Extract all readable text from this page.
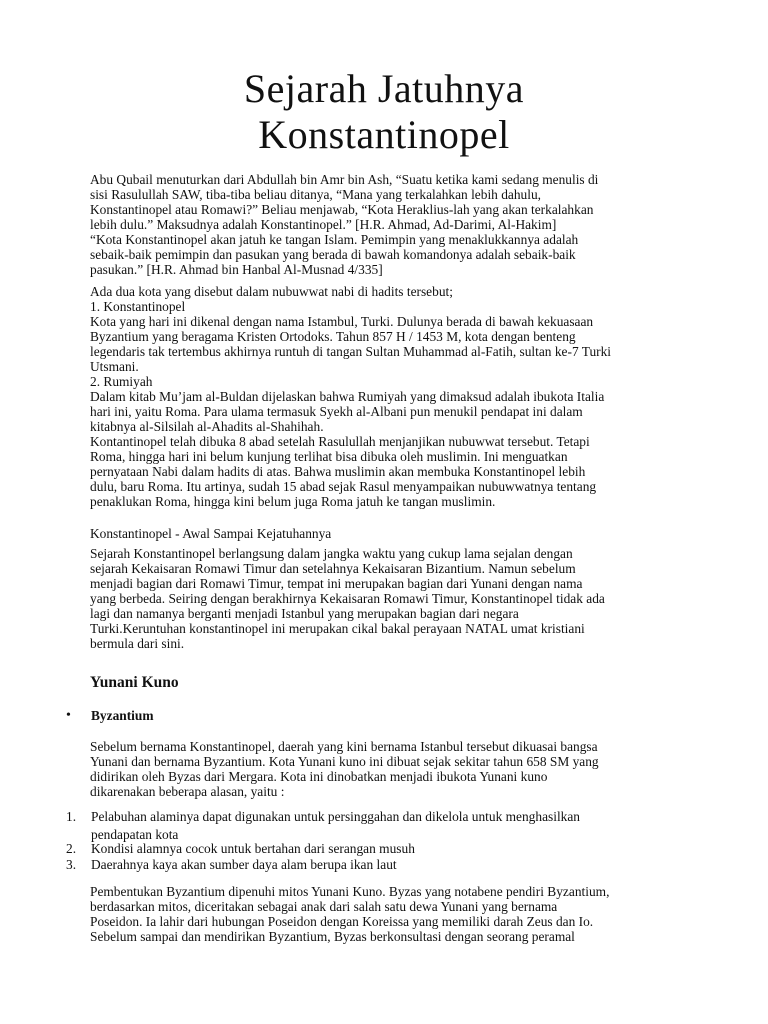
Sejarah Jatuhnya
Konstantinopel
Abu Qubail menuturkan dari Abdullah bin Amr bin Ash, “Suatu ketika kami sedang menulis di
sisi Rasulullah SAW, tiba-tiba beliau ditanya, “Mana yang terkalahkan lebih dahulu,
Konstantinopel atau Romawi?” Beliau menjawab, “Kota Heraklius-lah yang akan terkalahkan
lebih dulu.” Maksudnya adalah Konstantinopel.” [H.R. Ahmad, Ad-Darimi, Al-Hakim]
“Kota Konstantinopel akan jatuh ke tangan Islam. Pemimpin yang menaklukkannya adalah
sebaik-baik pemimpin dan pasukan yang berada di bawah komandonya adalah sebaik-baik
pasukan.” [H.R. Ahmad bin Hanbal Al-Musnad 4/335]
Ada dua kota yang disebut dalam nubuwwat nabi di hadits tersebut;
1. Konstantinopel
Kota yang hari ini dikenal dengan nama Istambul, Turki. Dulunya berada di bawah kekuasaan
Byzantium yang beragama Kristen Ortodoks. Tahun 857 H / 1453 M, kota dengan benteng
legendaris tak tertembus akhirnya runtuh di tangan Sultan Muhammad al-Fatih, sultan ke-7 Turki
Utsmani.
2. Rumiyah
Dalam kitab Mu’jam al-Buldan dijelaskan bahwa Rumiyah yang dimaksud adalah ibukota Italia
hari ini, yaitu Roma. Para ulama termasuk Syekh al-Albani pun menukil pendapat ini dalam
kitabnya al-Silsilah al-Ahadits al-Shahihah.
Kontantinopel telah dibuka 8 abad setelah Rasulullah menjanjikan nubuwwat tersebut. Tetapi
Roma, hingga hari ini belum kunjung terlihat bisa dibuka oleh muslimin. Ini menguatkan
pernyataan Nabi dalam hadits di atas. Bahwa muslimin akan membuka Konstantinopel lebih
dulu, baru Roma. Itu artinya, sudah 15 abad sejak Rasul menyampaikan nubuwwatnya tentang
penaklukan Roma, hingga kini belum juga Roma jatuh ke tangan muslimin.
Konstantinopel - Awal Sampai Kejatuhannya
Sejarah Konstantinopel berlangsung dalam jangka waktu yang cukup lama sejalan dengan
sejarah Kekaisaran Romawi Timur dan setelahnya Kekaisaran Bizantium. Namun sebelum
menjadi bagian dari Romawi Timur, tempat ini merupakan bagian dari Yunani dengan nama
yang berbeda. Seiring dengan berakhirnya Kekaisaran Romawi Timur, Konstantinopel tidak ada
lagi dan namanya berganti menjadi Istanbul yang merupakan bagian dari negara
Turki.Keruntuhan konstantinopel ini merupakan cikal bakal perayaan NATAL umat kristiani
bermula dari sini.
Yunani Kuno
• Byzantium
Sebelum bernama Konstantinopel, daerah yang kini bernama Istanbul tersebut dikuasai bangsa
Yunani dan bernama Byzantium. Kota Yunani kuno ini dibuat sejak sekitar tahun 658 SM yang
didirikan oleh Byzas dari Mergara. Kota ini dinobatkan menjadi ibukota Yunani kuno
dikarenakan beberapa alasan, yaitu :
1.	Pelabuhan alaminya dapat digunakan untuk persinggahan dan dikelola untuk menghasilkan
pendapatan kota
2.	Kondisi alamnya cocok untuk bertahan dari serangan musuh
3.	Daerahnya kaya akan sumber daya alam berupa ikan laut
Pembentukan Byzantium dipenuhi mitos Yunani Kuno. Byzas yang notabene pendiri Byzantium,
berdasarkan mitos, diceritakan sebagai anak dari salah satu dewa Yunani yang bernama
Poseidon. Ia lahir dari hubungan Poseidon dengan Koreissa yang memiliki darah Zeus dan Io.
Sebelum sampai dan mendirikan Byzantium, Byzas berkonsultasi dengan seorang peramal
